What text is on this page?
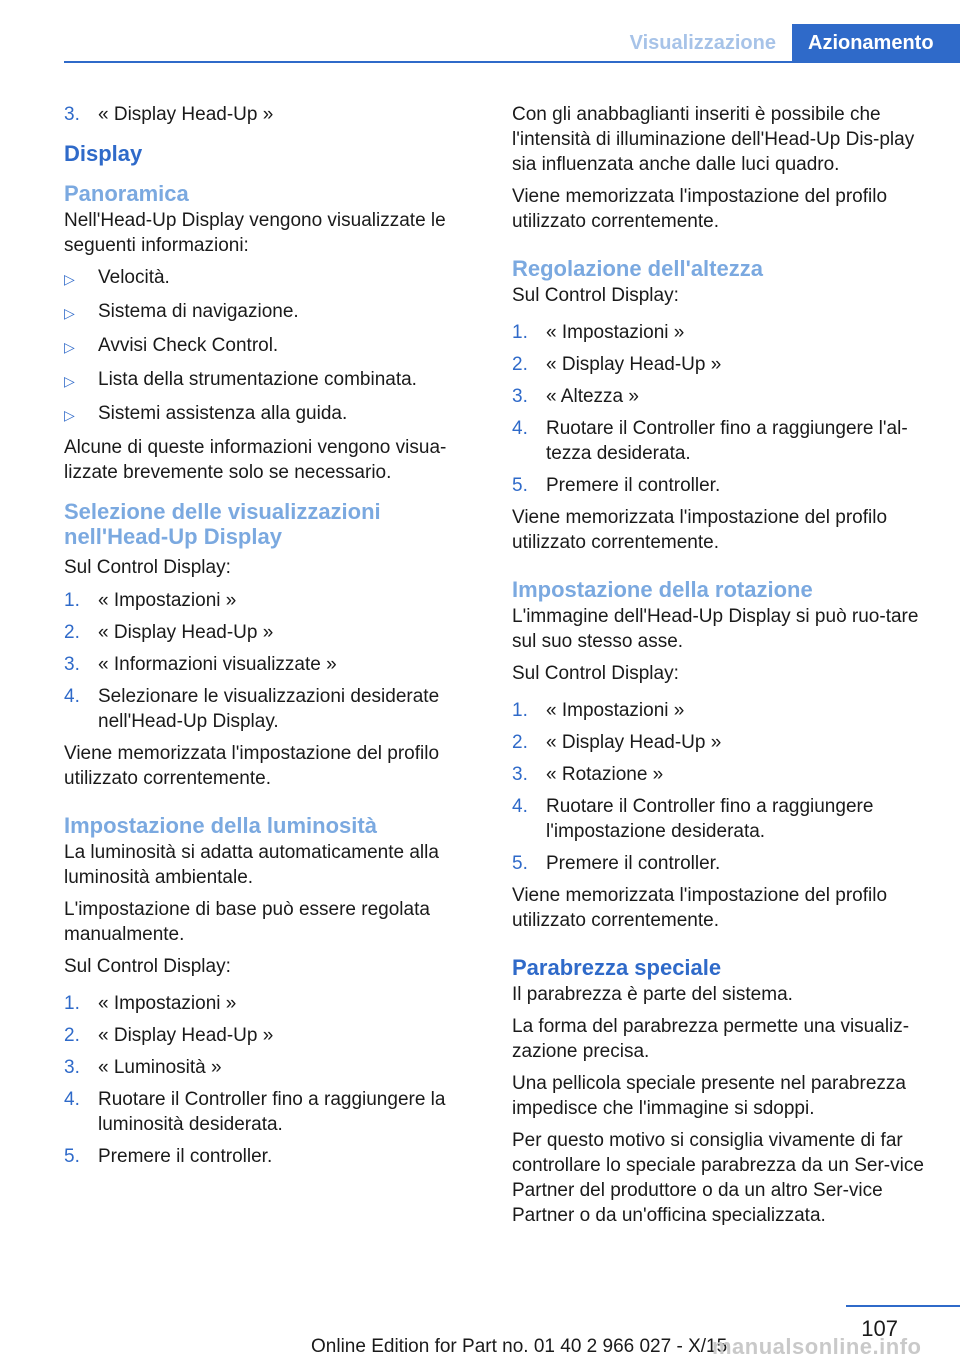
Visualizzazione	Azionamento
3. « Display Head-Up »
Display
Panoramica

Nell'Head-Up Display vengono visualizzate le seguenti informazioni:

▷	Velocità.
▷	Sistema di navigazione.
▷	Avvisi Check Control.
▷	Lista della strumentazione combinata.
▷	Sistemi assistenza alla guida.

Alcune di queste informazioni vengono visua‐lizzate brevemente solo se necessario.

Selezione delle visualizzazioni nell'Head-Up Display

Sul Control Display:

1. « Impostazioni »
2. « Display Head-Up »
3. « Informazioni visualizzate »
4. Selezionare le visualizzazioni desiderate nell'Head-Up Display.

Viene memorizzata l'impostazione del profilo utilizzato correntemente.

Impostazione della luminosità

La luminosità si adatta automaticamente alla luminosità ambientale.

L'impostazione di base può essere regolata manualmente.

Sul Control Display:

1. « Impostazioni »
2. « Display Head-Up »
3. « Luminosità »
4. Ruotare il Controller fino a raggiungere la luminosità desiderata.
5. Premere il controller.

Con gli anabbaglianti inseriti è possibile che l'intensità di illuminazione dell'Head-Up Dis‐play sia influenzata anche dalle luci quadro.

Viene memorizzata l'impostazione del profilo utilizzato correntemente.

Regolazione dell'altezza

Sul Control Display:

1. « Impostazioni »
2. « Display Head-Up »
3. « Altezza »
4. Ruotare il Controller fino a raggiungere l'al‐tezza desiderata.
5. Premere il controller.

Viene memorizzata l'impostazione del profilo utilizzato correntemente.

Impostazione della rotazione

L'immagine dell'Head-Up Display si può ruo‐tare sul suo stesso asse.

Sul Control Display:

1. « Impostazioni »
2. « Display Head-Up »
3. « Rotazione »
4. Ruotare il Controller fino a raggiungere l'impostazione desiderata.
5. Premere il controller.

Viene memorizzata l'impostazione del profilo utilizzato correntemente.

Parabrezza speciale

Il parabrezza è parte del sistema.

La forma del parabrezza permette una visualiz‐zazione precisa.

Una pellicola speciale presente nel parabrezza impedisce che l'immagine si sdoppi.

Per questo motivo si consiglia vivamente di far controllare lo speciale parabrezza da un Ser‐vice Partner del produttore o da un altro Ser‐vice Partner o da un'officina specializzata.

107
Online Edition for Part no. 01 40 2 966 027 - X/15
manualsonline.info
